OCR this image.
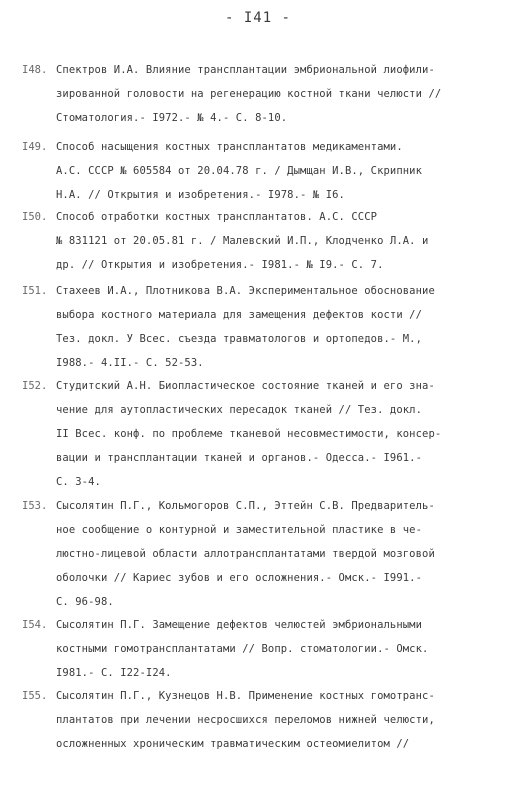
- I41 -
I48. Спектров И.А. Влияние трансплантации эмбриональной лиофили-
зированной головости на регенерацию костной ткани челюсти //
Стоматология.- I972.- № 4.- С. 8-10.
I49. Способ насыщения костных трансплантатов медикаментами.
А.С. СССР № 605584 от 20.04.78 г. / Дымщан И.В., Скрипник
Н.А. // Открытия и изобретения.- I978.- № I6.
I50. Способ отработки костных трансплантатов. А.С. СССР
№ 831121 от 20.05.81 г. / Малевский И.П., Клодченко Л.А. и
др. // Открытия и изобретения.- I981.- № I9.- С. 7.
I51. Стахеев И.А., Плотникова В.А. Экспериментальное обоснование
выбора костного материала для замещения дефектов кости //
Тез. докл. У Всес. съезда травматологов и ортопедов.- М.,
I988.- 4.II.- С. 52-53.
I52. Студитский А.Н. Биопластическое состояние тканей и его зна-
чение для аутопластических пересадок тканей // Тез. докл.
II Всес. конф. по проблеме тканевой несовместимости, консер-
вации и трансплантации тканей и органов.- Одесса.- I961.-
С. 3-4.
I53. Сысолятин П.Г., Кольмогоров С.П., Эттейн С.В. Предваритель-
ное сообщение о контурной и заместительной пластике в че-
люстно-лицевой области аллотрансплантатами твердой мозговой
оболочки // Кариес зубов и его осложнения.- Омск.- I991.-
С. 96-98.
I54. Сысолятин П.Г. Замещение дефектов челюстей эмбриональными
костными гомотрансплантатами // Вопр. стоматологии.- Омск.
I981.- С. I22-I24.
I55. Сысолятин П.Г., Кузнецов Н.В. Применение костных гомотранс-
плантатов при лечении несросшихся переломов нижней челюсти,
осложненных хроническим травматическим остеомиелитом //
